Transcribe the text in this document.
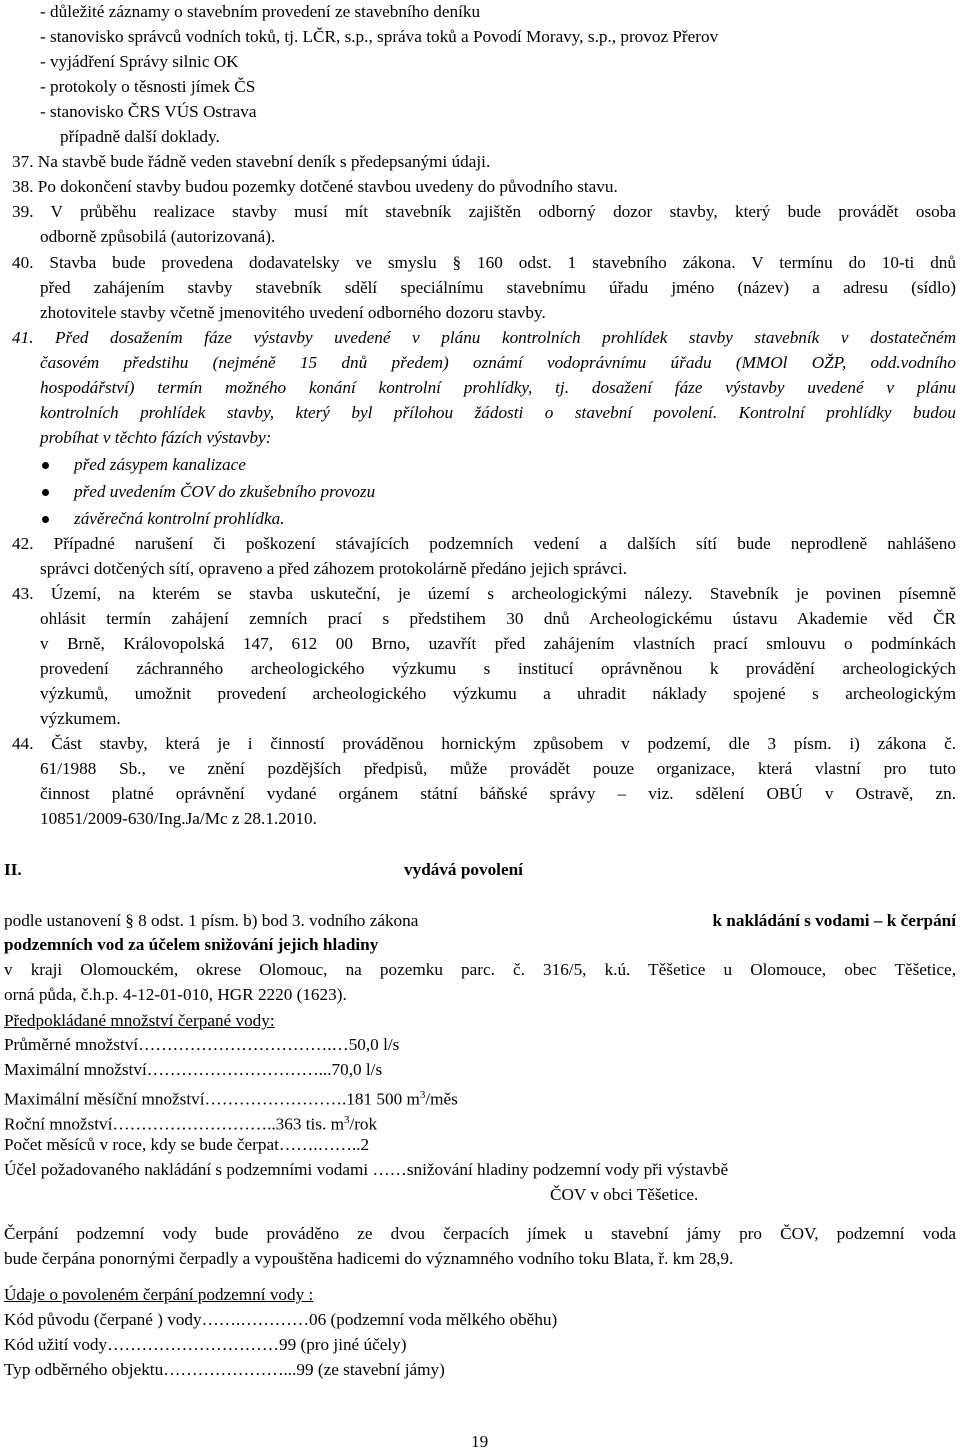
- důležité záznamy o stavebním provedení ze stavebního deníku
- stanovisko správců vodních toků, tj. LČR, s.p., správa toků a Povodí Moravy, s.p., provoz Přerov
- vyjádření Správy silnic OK
- protokoly o těsnosti jímek ČS
- stanovisko ČRS VÚS Ostrava
případně další doklady.
37. Na stavbě bude řádně veden stavební deník s předepsanými údaji.
38. Po dokončení stavby budou pozemky dotčené stavbou uvedeny do původního stavu.
39. V průběhu realizace stavby musí mít stavebník zajištěn odborný dozor stavby, který bude provádět osoba
odborně způsobilá (autorizovaná).
40. Stavba bude provedena dodavatelsky ve smyslu § 160 odst. 1 stavebního zákona. V termínu do 10-ti dnů
před zahájením stavby stavebník sdělí speciálnímu stavebnímu úřadu jméno (název) a adresu (sídlo)
zhotovitele stavby včetně jmenovitého uvedení odborného dozoru stavby.
41. Před dosažením fáze výstavby uvedené v plánu kontrolních prohlídek stavby stavebník v dostatečném
časovém předstihu (nejméně 15 dnů předem) oznámí vodoprávnímu úřadu (MMOl OŽP, odd.vodního
hospodářství) termín možného konání kontrolní prohlídky, tj. dosažení fáze výstavby uvedené v plánu
kontrolních prohlídek stavby, který byl přílohou žádosti o stavební povolení. Kontrolní prohlídky budou
probíhat v těchto fázích výstavby:
před zásypem kanalizace
před uvedením ČOV do zkušebního provozu
závěrečná kontrolní prohlídka.
42. Případné narušení či poškození stávajících podzemních vedení a dalších sítí bude neprodleně nahlášeno
správci dotčených sítí, opraveno a před záhozem protokolárně předáno jejich správci.
43. Území, na kterém se stavba uskuteční, je území s archeologickými nálezy. Stavebník je povinen písemně
ohlásit termín zahájení zemních prací s předstihem 30 dnů Archeologickému ústavu Akademie věd ČR
v Brně, Královopolská 147, 612 00 Brno, uzavřít před zahájením vlastních prací smlouvu o podmínkách
provedení záchranného archeologického výzkumu s institucí oprávněnou k provádění archeologických
výzkumů, umožnit provedení archeologického výzkumu a uhradit náklady spojené s archeologickým
výzkumem.
44. Část stavby, která je i činností prováděnou hornickým způsobem v podzemí, dle 3 písm. i) zákona č.
61/1988 Sb., ve znění pozdějších předpisů, může provádět pouze organizace, která vlastní pro tuto
činnost platné oprávnění vydané orgánem státní báňské správy – viz. sdělení OBÚ v Ostravě, zn.
10851/2009-630/Ing.Ja/Mc z 28.1.2010.
II.	vydává povolení
podle ustanovení § 8 odst. 1 písm. b) bod 3. vodního zákona	k nakládání s vodami – k čerpání
podzemních vod za účelem snižování jejich hladiny
v kraji Olomouckém, okrese Olomouc, na pozemku parc. č. 316/5, k.ú. Těšetice u Olomouce, obec Těšetice,
orná půda, č.h.p. 4-12-01-010, HGR 2220 (1623).
Předpokládané množství čerpané vody:
Průměrné množství…………………………….…50,0 l/s
Maximální množství…………………………...70,0 l/s
Maximální měsíční množství…………………….181 500 $m^3$/měs
Roční množství………………………..363 tis. $m^3$/rok
Počet měsíců v roce, kdy se bude čerpat…….……..2
Účel požadovaného nakládání s podzemními vodami ……snižování hladiny podzemní vody při výstavbě
ČOV v obci Těšetice.
Čerpání podzemní vody bude prováděno ze dvou čerpacích jímek u stavební jámy pro ČOV, podzemní voda
bude čerpána ponornými čerpadly a vypouštěna hadicemi do významného vodního toku Blata, ř. km 28,9.
Údaje o povoleném čerpání podzemní vody :
Kód původu (čerpané ) vody…….…………06 (podzemní voda mělkého oběhu)
Kód užití vody…………………………99 (pro jiné účely)
Typ odběrného objektu…………………...99 (ze stavební jámy)
19
